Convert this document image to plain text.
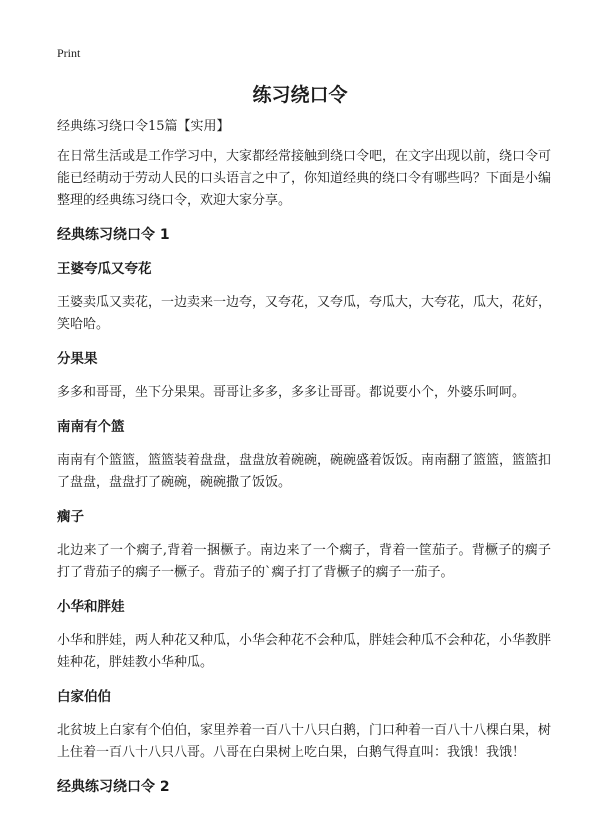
Print
练习绕口令
经典练习绕口令15篇【实用】
在日常生活或是工作学习中，大家都经常接触到绕口令吧，在文字出现以前，绕口令可能已经萌动于劳动人民的口头语言之中了，你知道经典的绕口令有哪些吗？下面是小编整理的经典练习绕口令，欢迎大家分享。
经典练习绕口令 1
王婆夸瓜又夸花
王婆卖瓜又卖花，一边卖来一边夸，又夸花，又夸瓜，夸瓜大，大夸花，瓜大，花好，笑哈哈。
分果果
多多和哥哥，坐下分果果。哥哥让多多，多多让哥哥。都说要小个，外婆乐呵呵。
南南有个篮
南南有个篮篮，篮篮装着盘盘，盘盘放着碗碗，碗碗盛着饭饭。南南翻了篮篮，篮篮扣了盘盘，盘盘打了碗碗，碗碗撒了饭饭。
瘸子
北边来了一个瘸子,背着一捆橛子。南边来了一个瘸子，背着一筐茄子。背橛子的瘸子打了背茄子的瘸子一橛子。背茄子的`瘸子打了背橛子的瘸子一茄子。
小华和胖娃
小华和胖娃，两人种花又种瓜，小华会种花不会种瓜，胖娃会种瓜不会种花，小华教胖娃种花，胖娃教小华种瓜。
白家伯伯
北贫坡上白家有个伯伯，家里养着一百八十八只白鹅，门口种着一百八十八棵白果，树上住着一百八十八只八哥。八哥在白果树上吃白果，白鹅气得直叫：我饿！我饿！
经典练习绕口令 2
